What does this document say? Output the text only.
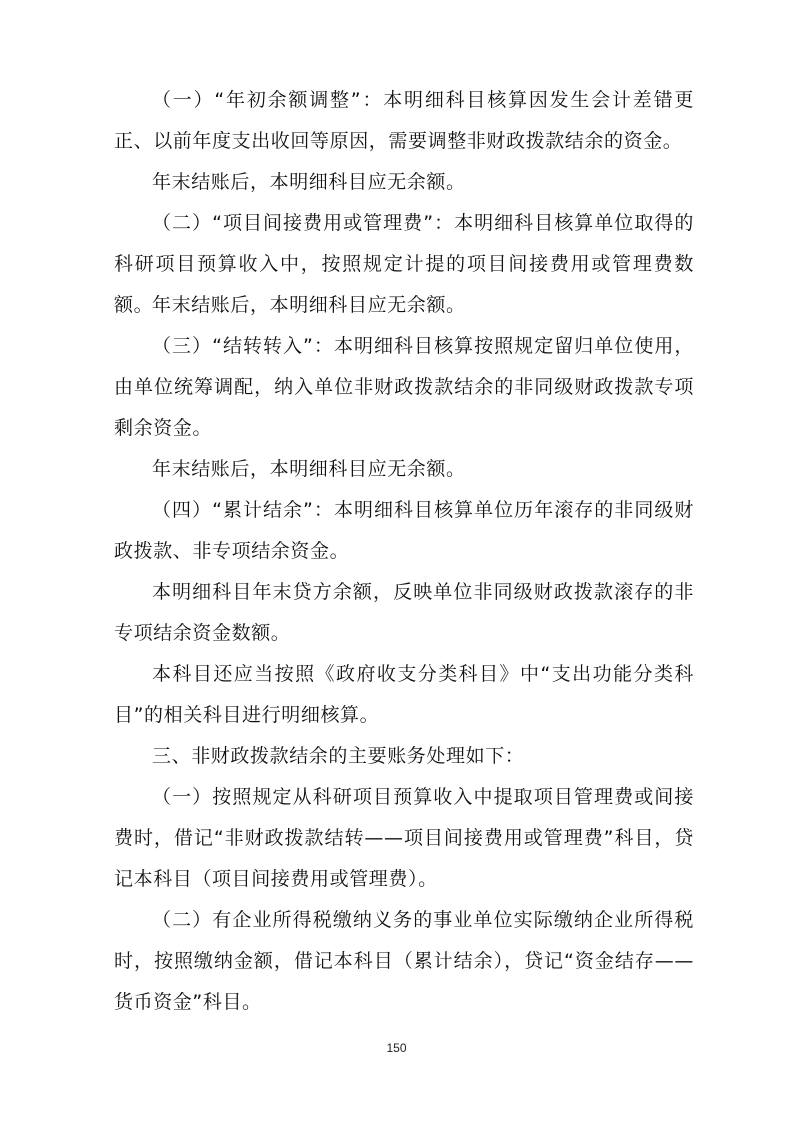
（一）“年初余额调整”：本明细科目核算因发生会计差错更正、以前年度支出收回等原因，需要调整非财政拨款结余的资金。

年末结账后，本明细科目应无余额。

（二）“项目间接费用或管理费”：本明细科目核算单位取得的科研项目预算收入中，按照规定计提的项目间接费用或管理费数额。

年末结账后，本明细科目应无余额。

（三）“结转转入”：本明细科目核算按照规定留归单位使用，由单位统筹调配，纳入单位非财政拨款结余的非同级财政拨款专项剩余资金。

年末结账后，本明细科目应无余额。

（四）“累计结余”：本明细科目核算单位历年滚存的非同级财政拨款、非专项结余资金。

本明细科目年末贷方余额，反映单位非同级财政拨款滚存的非专项结余资金数额。

本科目还应当按照《政府收支分类科目》中“支出功能分类科目”的相关科目进行明细核算。

三、非财政拨款结余的主要账务处理如下：

（一）按照规定从科研项目预算收入中提取项目管理费或间接费时，借记“非财政拨款结转——项目间接费用或管理费”科目，贷记本科目（项目间接费用或管理费）。

（二）有企业所得税缴纳义务的事业单位实际缴纳企业所得税时，按照缴纳金额，借记本科目（累计结余），贷记“资金结存——货币资金”科目。

150
